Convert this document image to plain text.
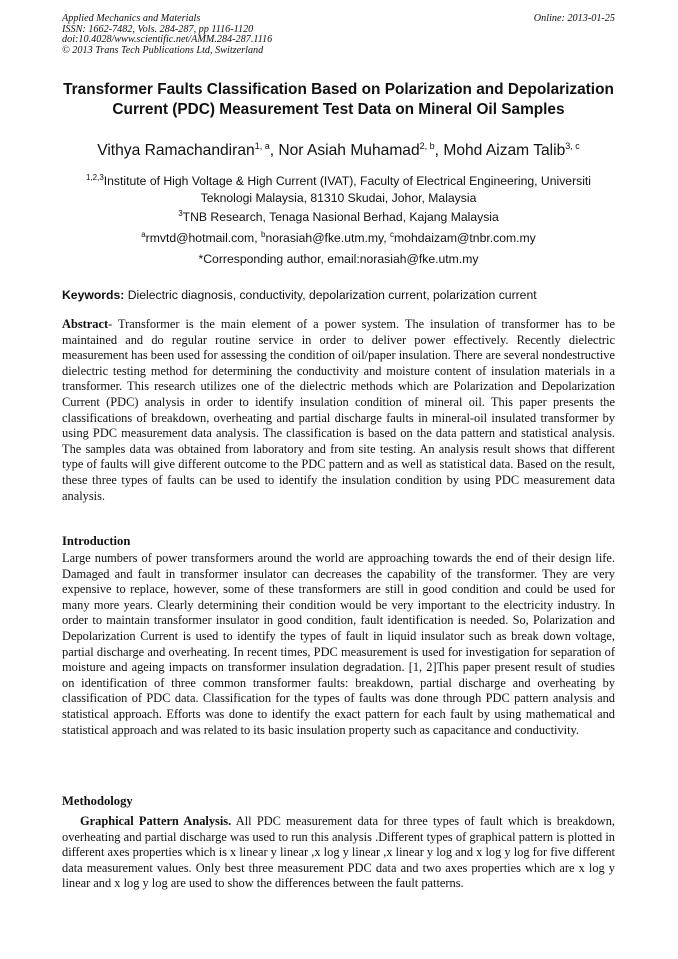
Applied Mechanics and Materials
ISSN: 1662-7482, Vols. 284-287, pp 1116-1120
doi:10.4028/www.scientific.net/AMM.284-287.1116
© 2013 Trans Tech Publications Ltd, Switzerland
Online: 2013-01-25
Transformer Faults Classification Based on Polarization and Depolarization Current (PDC) Measurement Test Data on Mineral Oil Samples
Vithya Ramachandiran$^{1, a}$, Nor Asiah Muhamad$^{2, b}$, Mohd Aizam Talib$^{3, c}$
$^{1,2,3}$Institute of High Voltage & High Current (IVAT), Faculty of Electrical Engineering, Universiti Teknologi Malaysia, 81310 Skudai, Johor, Malaysia
$^3$TNB Research, Tenaga Nasional Berhad, Kajang Malaysia
$^a$rmvtd@hotmail.com, $^b$norasiah@fke.utm.my, $^c$mohdaizam@tnbr.com.my
*Corresponding author, email:norasiah@fke.utm.my
Keywords: Dielectric diagnosis, conductivity, depolarization current, polarization current
Abstract- Transformer is the main element of a power system. The insulation of transformer has to be maintained and do regular routine service in order to deliver power effectively. Recently dielectric measurement has been used for assessing the condition of oil/paper insulation. There are several nondestructive dielectric testing method for determining the conductivity and moisture content of insulation materials in a transformer. This research utilizes one of the dielectric methods which are Polarization and Depolarization Current (PDC) analysis in order to identify insulation condition of mineral oil. This paper presents the classifications of breakdown, overheating and partial discharge faults in mineral-oil insulated transformer by using PDC measurement data analysis. The classification is based on the data pattern and statistical analysis. The samples data was obtained from laboratory and from site testing. An analysis result shows that different type of faults will give different outcome to the PDC pattern and as well as statistical data. Based on the result, these three types of faults can be used to identify the insulation condition by using PDC measurement data analysis.
Introduction
Large numbers of power transformers around the world are approaching towards the end of their design life. Damaged and fault in transformer insulator can decreases the capability of the transformer. They are very expensive to replace, however, some of these transformers are still in good condition and could be used for many more years. Clearly determining their condition would be very important to the electricity industry. In order to maintain transformer insulator in good condition, fault identification is needed. So, Polarization and Depolarization Current is used to identify the types of fault in liquid insulator such as break down voltage, partial discharge and overheating. In recent times, PDC measurement is used for investigation for separation of moisture and ageing impacts on transformer insulation degradation. [1, 2]This paper present result of studies on identification of three common transformer faults: breakdown, partial discharge and overheating by classification of PDC data. Classification for the types of faults was done through PDC pattern analysis and statistical approach. Efforts was done to identify the exact pattern for each fault by using mathematical and statistical approach and was related to its basic insulation property such as capacitance and conductivity.
Methodology
Graphical Pattern Analysis. All PDC measurement data for three types of fault which is breakdown, overheating and partial discharge was used to run this analysis .Different types of graphical pattern is plotted in different axes properties which is x linear y linear ,x log y linear ,x linear y log and x log y log for five different data measurement values. Only best three measurement PDC data and two axes properties which are x log y linear and x log y log are used to show the differences between the fault patterns.
